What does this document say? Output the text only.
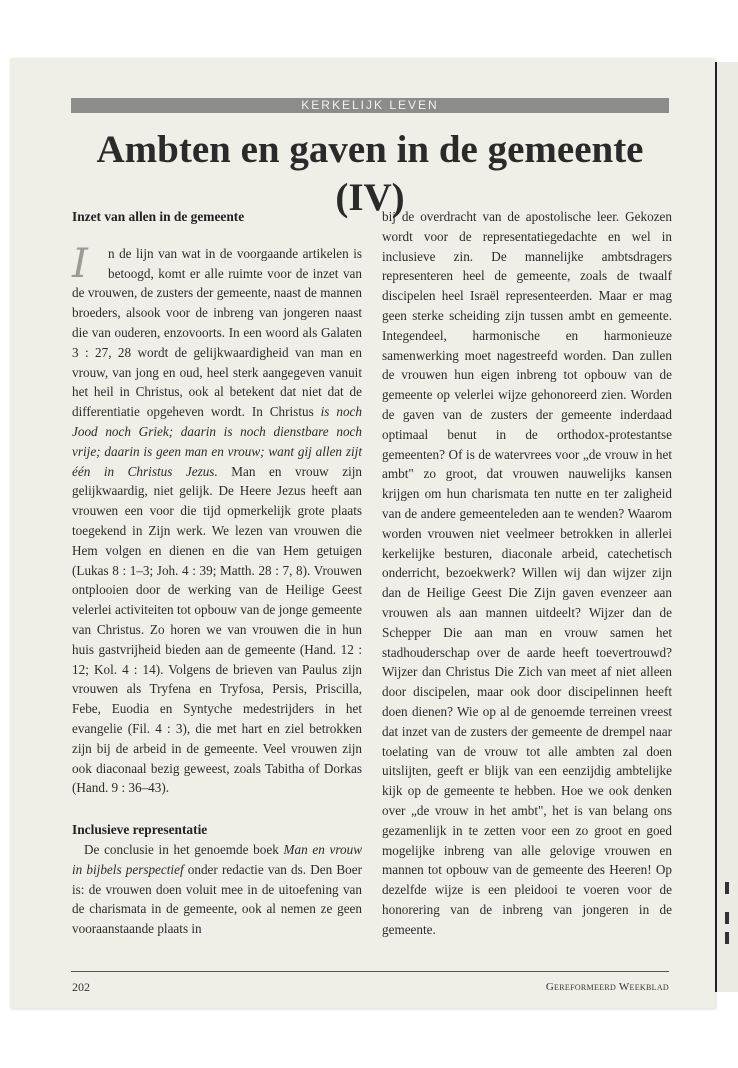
KERKELIJK LEVEN
Ambten en gaven in de gemeente (IV)
Inzet van allen in de gemeente

I	n de lijn van wat in de voorgaande artikelen is betoogd, komt er alle ruimte voor de inzet van de vrouwen, de zusters der gemeente, naast de mannen broeders, alsook voor de inbreng van jongeren naast die van ouderen, enzovoorts. In een woord als Galaten 3 : 27, 28 wordt de gelijkwaardigheid van man en vrouw, van jong en oud, heel sterk aangegeven vanuit het heil in Christus, ook al betekent dat niet dat de differentiatie opgeheven wordt. In Christus is noch Jood noch Griek; daarin is noch dienstbare noch vrije; daarin is geen man en vrouw; want gij allen zijt één in Christus Jezus. Man en vrouw zijn gelijkwaardig, niet gelijk. De Heere Jezus heeft aan vrouwen een voor die tijd opmerkelijk grote plaats toegekend in Zijn werk. We lezen van vrouwen die Hem volgen en dienen en die van Hem getuigen (Lukas 8 : 1–3; Joh. 4 : 39; Matth. 28 : 7, 8). Vrouwen ontplooien door de werking van de Heilige Geest velerlei activiteiten tot opbouw van de jonge gemeente van Christus. Zo horen we van vrouwen die in hun huis gastvrijheid bieden aan de gemeente (Hand. 12 : 12; Kol. 4 : 14). Volgens de brieven van Paulus zijn vrouwen als Tryfena en Tryfosa, Persis, Priscilla, Febe, Euodia en Syntyche medestrijders in het evangelie (Fil. 4 : 3), die met hart en ziel betrokken zijn bij de arbeid in de gemeente. Veel vrouwen zijn ook diaconaal bezig geweest, zoals Tabitha of Dorkas (Hand. 9 : 36–43).

Inclusieve representatie

De conclusie in het genoemde boek Man en vrouw in bijbels perspectief onder redactie van ds. Den Boer is: de vrouwen doen voluit mee in de uitoefening van de charismata in de gemeente, ook al nemen ze geen vooraanstaande plaats in

bij de overdracht van de apostolische leer. Gekozen wordt voor de representatiegedachte en wel in inclusieve zin. De mannelijke ambtsdragers representeren heel de gemeente, zoals de twaalf discipelen heel Israël representeerden. Maar er mag geen sterke scheiding zijn tussen ambt en gemeente. Integendeel, harmonische en harmonieuze samenwerking moet nagestreefd worden. Dan zullen de vrouwen hun eigen inbreng tot opbouw van de gemeente op velerlei wijze gehonoreerd zien. Worden de gaven van de zusters der gemeente inderdaad optimaal benut in de orthodox-protestantse gemeenten? Of is de watervrees voor „de vrouw in het ambt" zo groot, dat vrouwen nauwelijks kansen krijgen om hun charismata ten nutte en ter zaligheid van de andere gemeenteleden aan te wenden? Waarom worden vrouwen niet veelmeer betrokken in allerlei kerkelijke besturen, diaconale arbeid, catechetisch onderricht, bezoekwerk? Willen wij dan wijzer zijn dan de Heilige Geest Die Zijn gaven evenzeer aan vrouwen als aan mannen uitdeelt? Wijzer dan de Schepper Die aan man en vrouw samen het stadhouderschap over de aarde heeft toevertrouwd? Wijzer dan Christus Die Zich van meet af niet alleen door discipelen, maar ook door discipelinnen heeft doen dienen? Wie op al de genoemde terreinen vreest dat inzet van de zusters der gemeente de drempel naar toelating van de vrouw tot alle ambten zal doen uitslijten, geeft er blijk van een eenzijdig ambtelijke kijk op de gemeente te hebben. Hoe we ook denken over „de vrouw in het ambt", het is van belang ons gezamenlijk in te zetten voor een zo groot en goed mogelijke inbreng van alle gelovige vrouwen en mannen tot opbouw van de gemeente des Heeren! Op dezelfde wijze is een pleidooi te voeren voor de honorering van de inbreng van jongeren in de gemeente.

202	Gereformeerd Weekblad
